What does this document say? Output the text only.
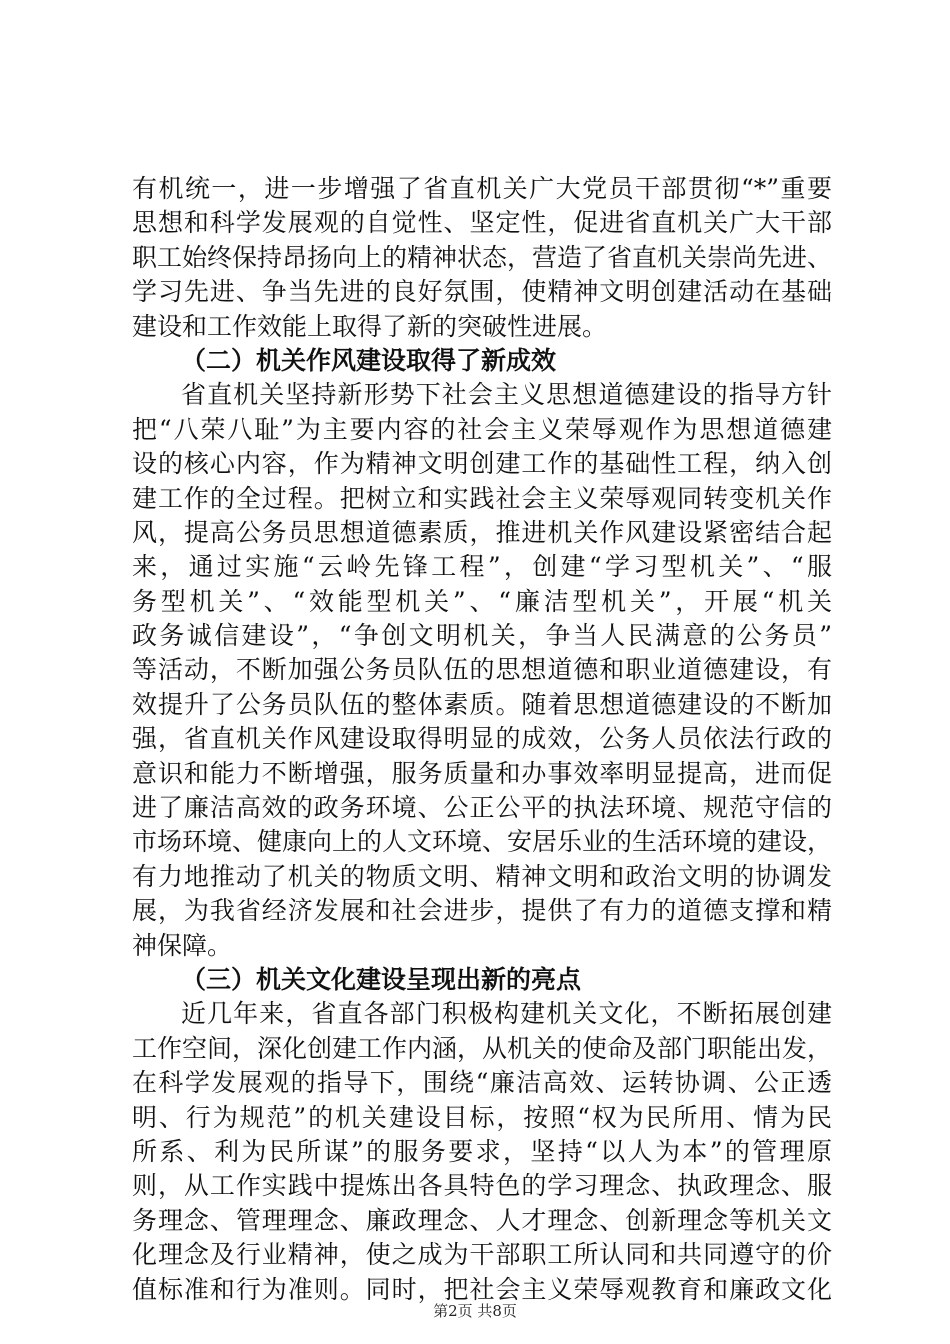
有机统一，进一步增强了省直机关广大党员干部贯彻“*”重要
思想和科学发展观的自觉性、坚定性，促进省直机关广大干部
职工始终保持昂扬向上的精神状态，营造了省直机关崇尚先进、
学习先进、争当先进的良好氛围，使精神文明创建活动在基础
建设和工作效能上取得了新的突破性进展。
（二）机关作风建设取得了新成效
省直机关坚持新形势下社会主义思想道德建设的指导方针
把“八荣八耻”为主要内容的社会主义荣辱观作为思想道德建
设的核心内容，作为精神文明创建工作的基础性工程，纳入创
建工作的全过程。把树立和实践社会主义荣辱观同转变机关作
风，提高公务员思想道德素质，推进机关作风建设紧密结合起
来，通过实施“云岭先锋工程”，创建“学习型机关”、“服
务型机关”、“效能型机关”、“廉洁型机关”，开展“机关
政务诚信建设”，“争创文明机关，争当人民满意的公务员”
等活动，不断加强公务员队伍的思想道德和职业道德建设，有
效提升了公务员队伍的整体素质。随着思想道德建设的不断加
强，省直机关作风建设取得明显的成效，公务人员依法行政的
意识和能力不断增强，服务质量和办事效率明显提高，进而促
进了廉洁高效的政务环境、公正公平的执法环境、规范守信的
市场环境、健康向上的人文环境、安居乐业的生活环境的建设，
有力地推动了机关的物质文明、精神文明和政治文明的协调发
展，为我省经济发展和社会进步，提供了有力的道德支撑和精
神保障。
（三）机关文化建设呈现出新的亮点
近几年来，省直各部门积极构建机关文化，不断拓展创建
工作空间，深化创建工作内涵，从机关的使命及部门职能出发，
在科学发展观的指导下，围绕“廉洁高效、运转协调、公正透
明、行为规范”的机关建设目标，按照“权为民所用、情为民
所系、利为民所谋”的服务要求，坚持“以人为本”的管理原
则，从工作实践中提炼出各具特色的学习理念、执政理念、服
务理念、管理理念、廉政理念、人才理念、创新理念等机关文
化理念及行业精神，使之成为干部职工所认同和共同遵守的价
值标准和行为准则。同时，把社会主义荣辱观教育和廉政文化
第2页 共8页
